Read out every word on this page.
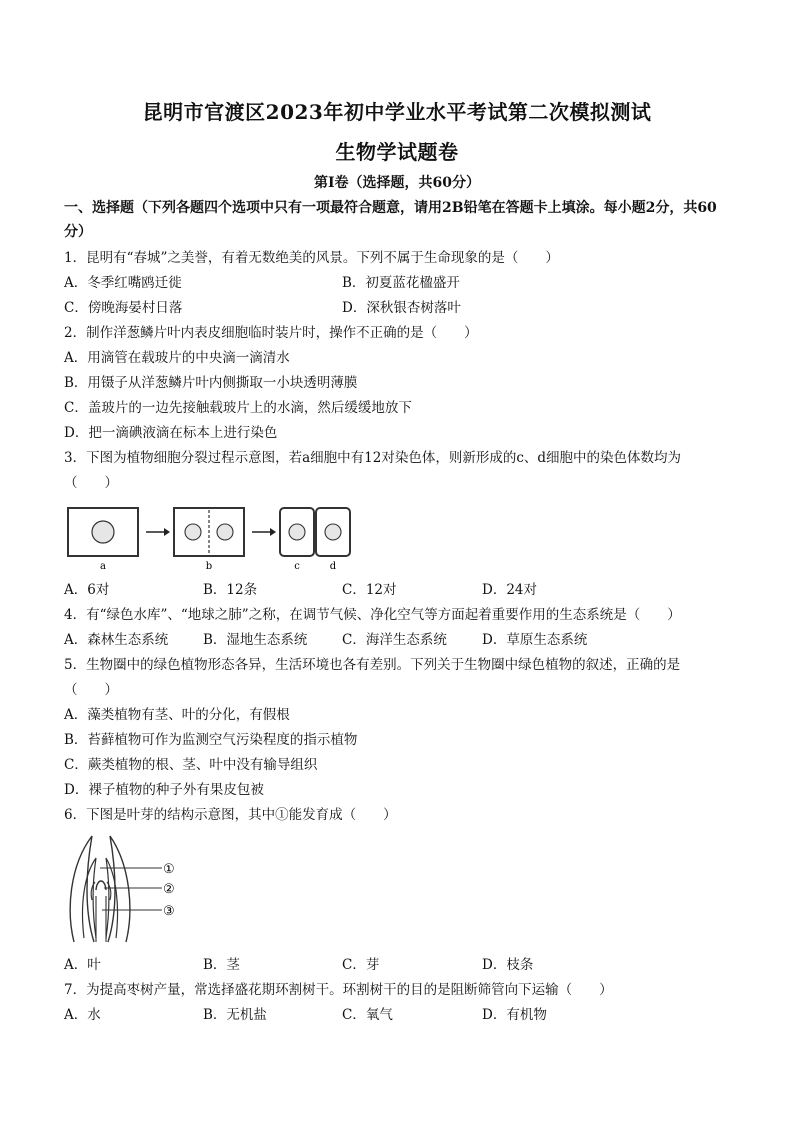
昆明市官渡区2023年初中学业水平考试第二次模拟测试
生物学试题卷
第Ⅰ卷（选择题，共60分）
一、选择题（下列各题四个选项中只有一项最符合题意，请用2B铅笔在答题卡上填涂。每小题2分，共60分）
1．昆明有“春城”之美誉，有着无数绝美的风景。下列不属于生命现象的是（　　）
A．冬季红嘴鸥迁徙	B．初夏蓝花楹盛开
C．傍晚海晏村日落	D．深秋银杏树落叶
2．制作洋葱鳞片叶内表皮细胞临时装片时，操作不正确的是（　　）
A．用滴管在载玻片的中央滴一滴清水
B．用镊子从洋葱鳞片叶内侧撕取一小块透明薄膜
C．盖玻片的一边先接触载玻片上的水滴，然后缓缓地放下
D．把一滴碘液滴在标本上进行染色
3．下图为植物细胞分裂过程示意图，若a细胞中有12对染色体，则新形成的c、d细胞中的染色体数均为
（　　）
a	b	c	d
A．6对	B．12条	C．12对	D．24对
4．有“绿色水库”、“地球之肺”之称，在调节气候、净化空气等方面起着重要作用的生态系统是（　　）
A．森林生态系统	B．湿地生态系统	C．海洋生态系统	D．草原生态系统
5．生物圈中的绿色植物形态各异，生活环境也各有差别。下列关于生物圈中绿色植物的叙述，正确的是
（　　）
A．藻类植物有茎、叶的分化，有假根
B．苔藓植物可作为监测空气污染程度的指示植物
C．蕨类植物的根、茎、叶中没有输导组织
D．裸子植物的种子外有果皮包被
6．下图是叶芽的结构示意图，其中①能发育成（　　）
①
②
③
A．叶	B．茎	C．芽	D．枝条
7．为提高枣树产量，常选择盛花期环割树干。环割树干的目的是阻断筛管向下运输（　　）
A．水	B．无机盐	C．氧气	D．有机物
